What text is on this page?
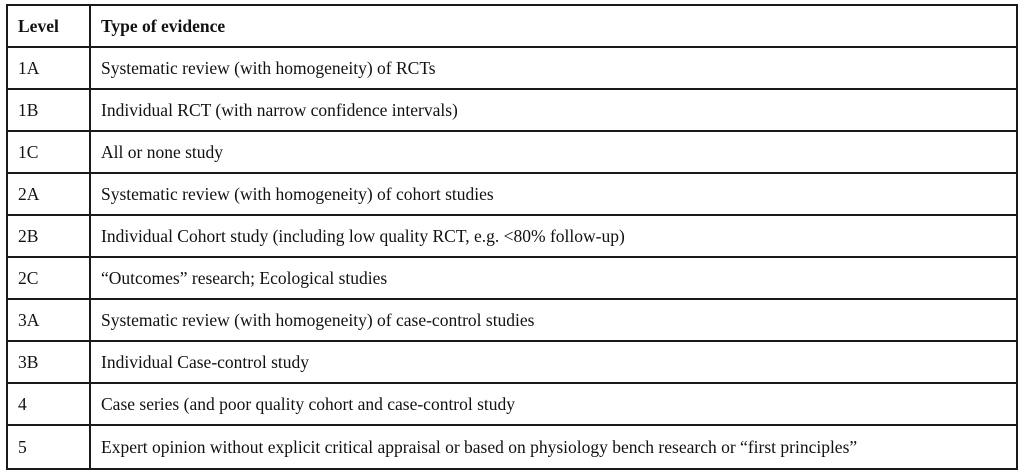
Level	Type of evidence
1A	Systematic review (with homogeneity) of RCTs
1B	Individual RCT (with narrow confidence intervals)
1C	All or none study
2A	Systematic review (with homogeneity) of cohort studies
2B	Individual Cohort study (including low quality RCT, e.g. <80% follow-up)
2C	“Outcomes” research; Ecological studies
3A	Systematic review (with homogeneity) of case-control studies
3B	Individual Case-control study
4	Case series (and poor quality cohort and case-control study
5	Expert opinion without explicit critical appraisal or based on physiology bench research or “first principles”
